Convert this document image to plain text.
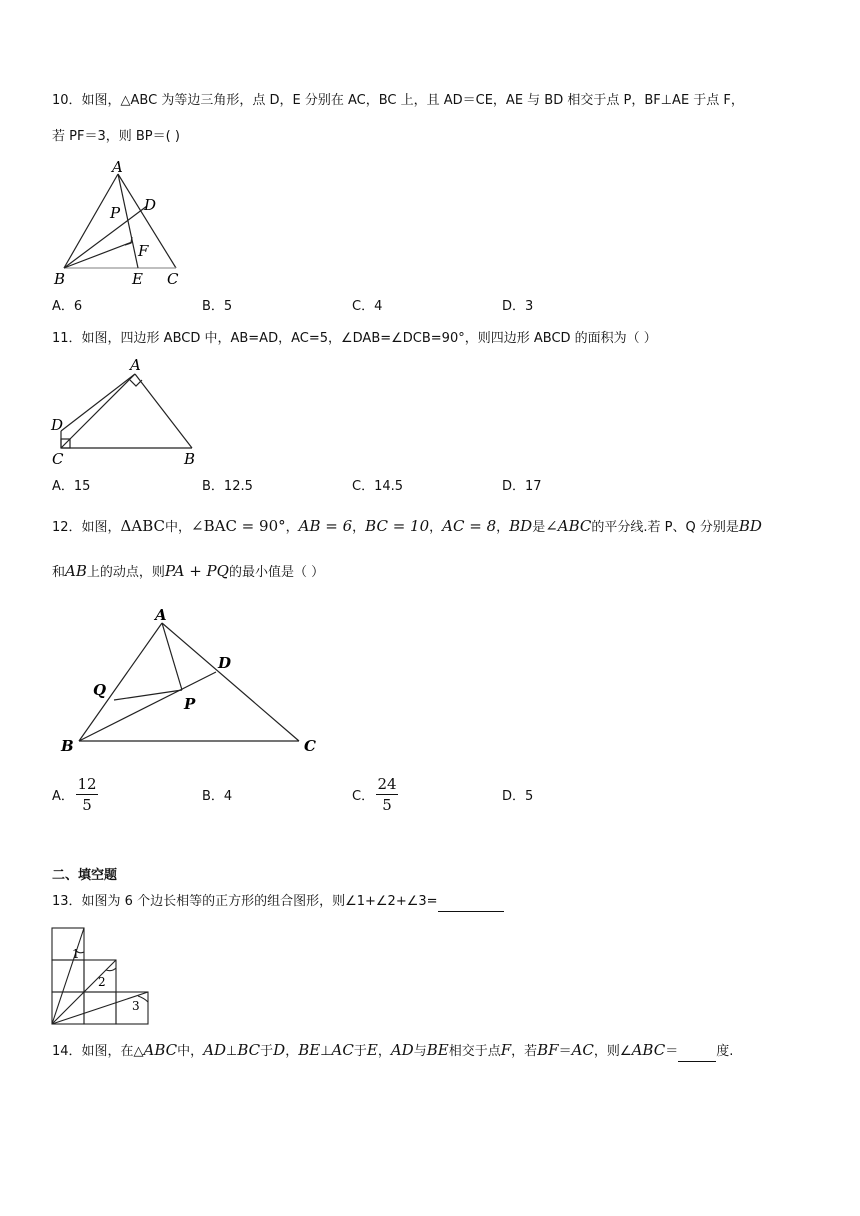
10．如图，△ABC 为等边三角形，点 D，E 分别在 AC，BC 上，且 AD＝CE，AE 与 BD 相交于点 P，BF⊥AE 于点 F，
若 PF＝3，则 BP＝( )
A
P D
F
B	E C
A．6	B．5	C．4	D．3
11．如图，四边形 ABCD 中，AB=AD，AC=5，∠DAB=∠DCB=90°，则四边形 ABCD 的面积为（ ）
A
D
C	B
A．15	B．12.5	C．14.5	D．17
12．如图，ΔABC中，∠BAC = 90°，AB = 6，BC = 10，AC = 8，BD是∠ABC的平分线.若 P、Q 分别是BD
和AB上的动点，则PA + PQ的最小值是（ ）
A
D
Q
P
B	C
A．
12
5	B．4	C．
24
5	D．5
二、填空题
13．如图为 6 个边长相等的正方形的组合图形，则∠1+∠2+∠3=
1
2
3
14．如图，在△ABC中，AD⊥BC于D，BE⊥AC于E，AD与BE相交于点F，若BF＝AC，则∠ABC＝	度.
